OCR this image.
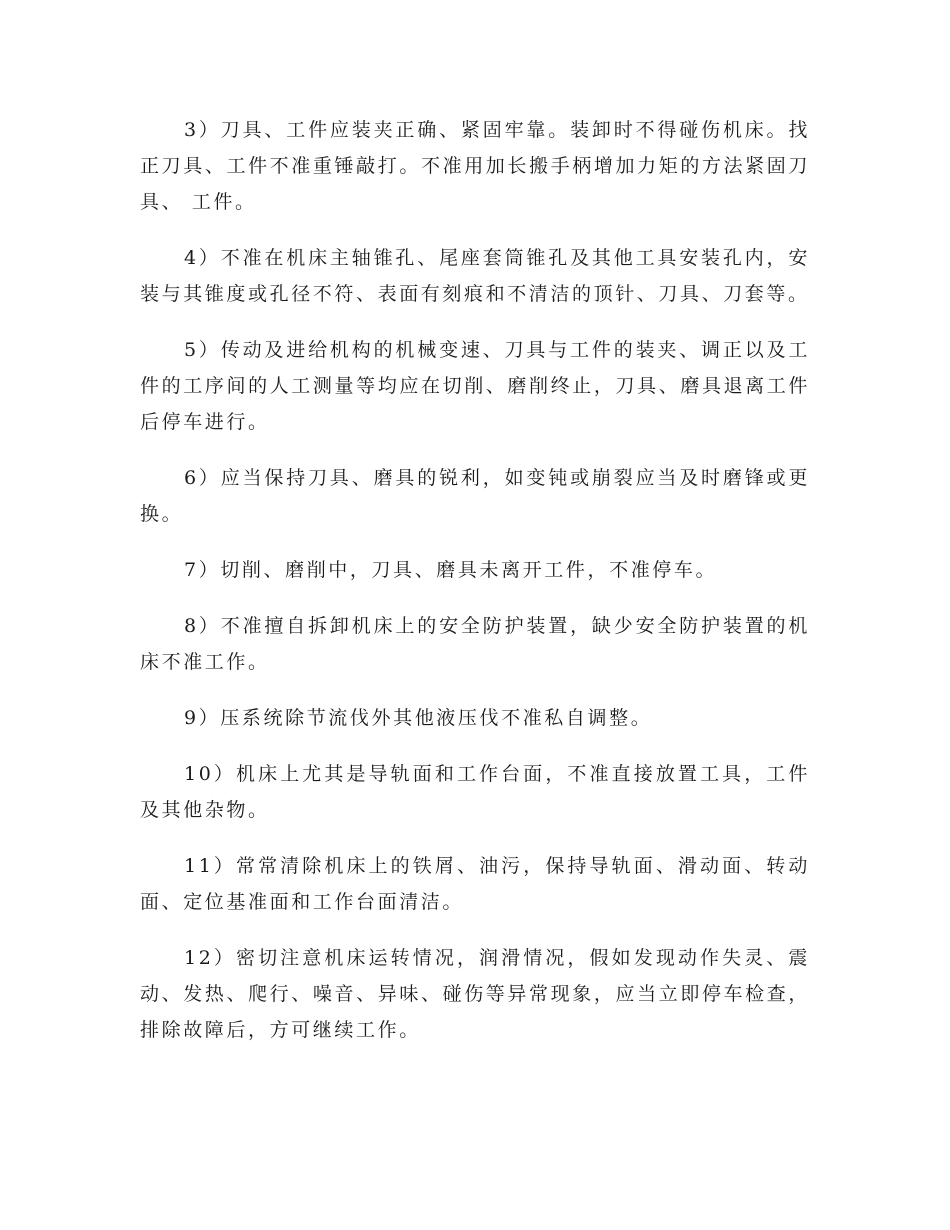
3）刀具、工件应装夹正确、紧固牢靠。装卸时不得碰伤机床。找正刀具、工件不准重锤敲打。不准用加长搬手柄增加力矩的方法紧固刀具、 工件。

4）不准在机床主轴锥孔、尾座套筒锥孔及其他工具安装孔内，安装与其锥度或孔径不符、表面有刻痕和不清洁的顶针、刀具、刀套等。

5）传动及进给机构的机械变速、刀具与工件的装夹、调正以及工件的工序间的人工测量等均应在切削、磨削终止，刀具、磨具退离工件后停车进行。

6）应当保持刀具、磨具的锐利，如变钝或崩裂应当及时磨锋或更换。

7）切削、磨削中，刀具、磨具未离开工件，不准停车。

8）不准擅自拆卸机床上的安全防护装置，缺少安全防护装置的机床不准工作。

9）压系统除节流伐外其他液压伐不准私自调整。

10）机床上尤其是导轨面和工作台面，不准直接放置工具，工件及其他杂物。

11）常常清除机床上的铁屑、油污，保持导轨面、滑动面、转动面、定位基准面和工作台面清洁。

12）密切注意机床运转情况，润滑情况，假如发现动作失灵、震动、发热、爬行、噪音、异味、碰伤等异常现象，应当立即停车检查，排除故障后，方可继续工作。
